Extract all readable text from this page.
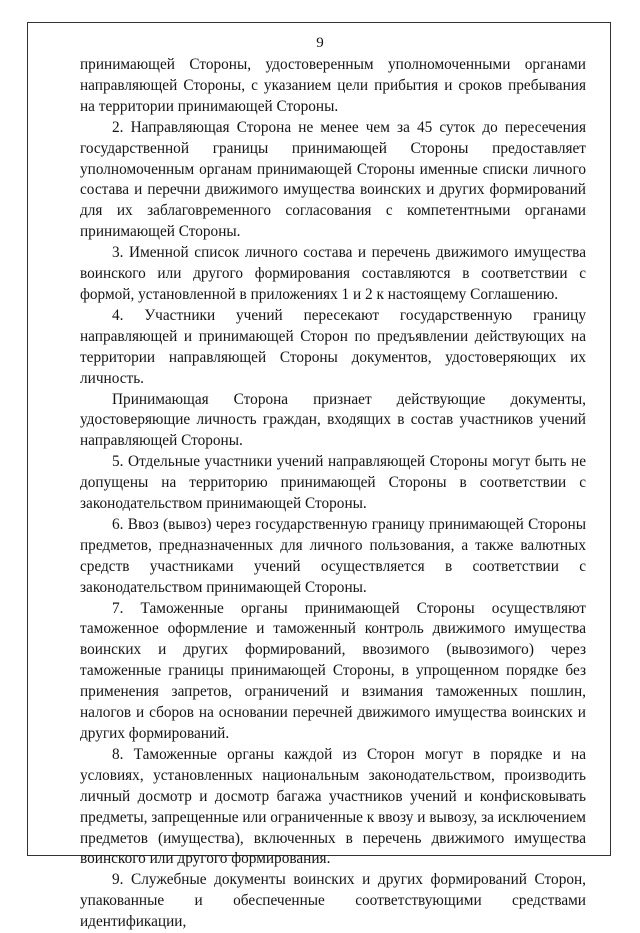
9

принимающей Стороны, удостоверенным уполномоченными органами направляющей Стороны, с указанием цели прибытия и сроков пребывания на территории принимающей Стороны.

2. Направляющая Сторона не менее чем за 45 суток до пересечения государственной границы принимающей Стороны предоставляет уполномоченным органам принимающей Стороны именные списки личного состава и перечни движимого имущества воинских и других формирований для их заблаговременного согласования с компетентными органами принимающей Стороны.

3. Именной список личного состава и перечень движимого имущества воинского или другого формирования составляются в соответствии с формой, установленной в приложениях 1 и 2 к настоящему Соглашению.

4. Участники учений пересекают государственную границу направляющей и принимающей Сторон по предъявлении действующих на территории направляющей Стороны документов, удостоверяющих их личность.

Принимающая Сторона признает действующие документы, удостоверяющие личность граждан, входящих в состав участников учений направляющей Стороны.

5. Отдельные участники учений направляющей Стороны могут быть не допущены на территорию принимающей Стороны в соответствии с законодательством принимающей Стороны.

6. Ввоз (вывоз) через государственную границу принимающей Стороны предметов, предназначенных для личного пользования, а также валютных средств участниками учений осуществляется в соответствии с законодательством принимающей Стороны.

7. Таможенные органы принимающей Стороны осуществляют таможенное оформление и таможенный контроль движимого имущества воинских и других формирований, ввозимого (вывозимого) через таможенные границы принимающей Стороны, в упрощенном порядке без применения запретов, ограничений и взимания таможенных пошлин, налогов и сборов на основании перечней движимого имущества воинских и других формирований.

8. Таможенные органы каждой из Сторон могут в порядке и на условиях, установленных национальным законодательством, производить личный досмотр и досмотр багажа участников учений и конфисковывать предметы, запрещенные или ограниченные к ввозу и вывозу, за исключением предметов (имущества), включенных в перечень движимого имущества воинского или другого формирования.

9. Служебные документы воинских и других формирований Сторон, упакованные и обеспеченные соответствующими средствами идентификации,
